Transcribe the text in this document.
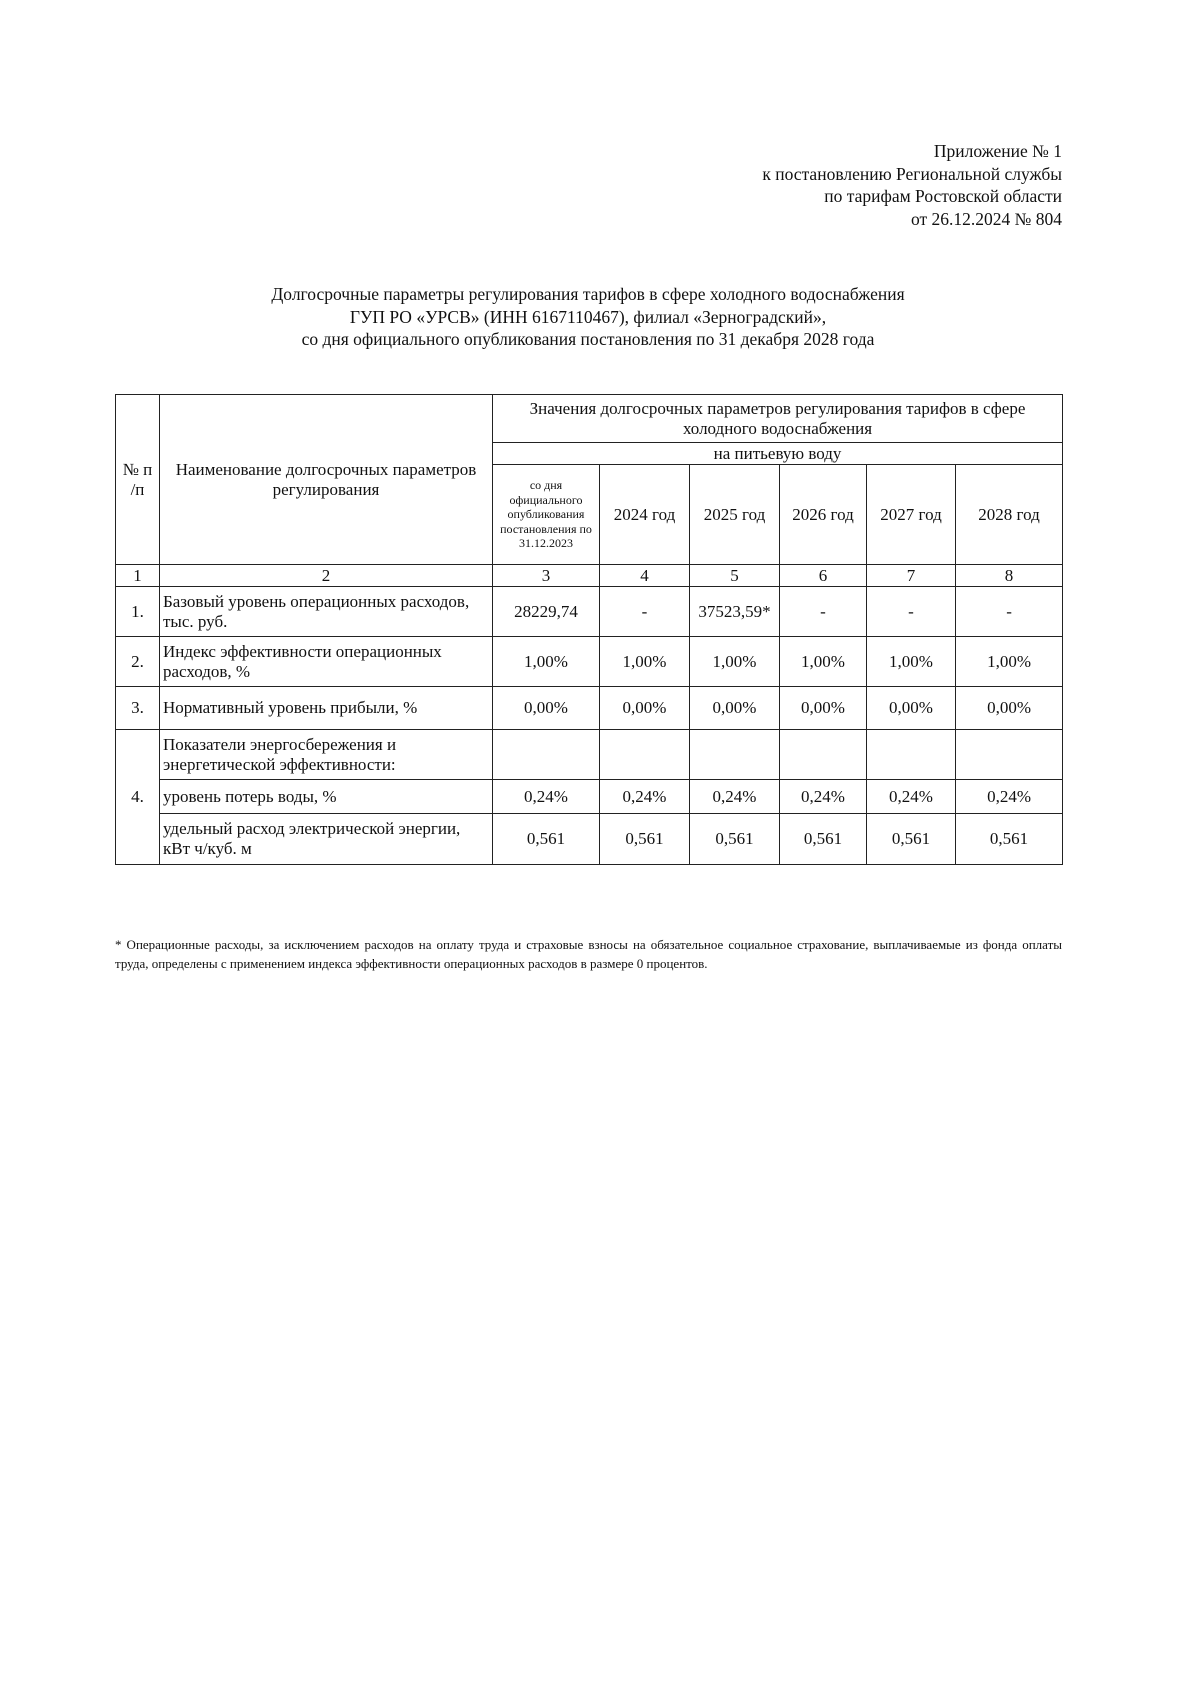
Приложение № 1
к постановлению Региональной службы
по тарифам Ростовской области
от 26.12.2024 № 804
Долгосрочные параметры регулирования тарифов в сфере холодного водоснабжения
ГУП РО «УРСВ» (ИНН 6167110467), филиал «Зерноградский»,
со дня официального опубликования постановления по 31 декабря 2028 года
№ п /п	Наименование долгосрочных параметров регулирования	Значения долгосрочных параметров регулирования тарифов в сфере холодного водоснабжения					
		на питьевую воду					
		со дня официального опубликования постановления по 31.12.2023	2024 год	2025 год	2026 год	2027 год	2028 год
1	2	3	4	5	6	7	8
1.	Базовый уровень операционных расходов, тыс. руб.	28229,74	-	37523,59*	-	-	-
2.	Индекс эффективности операционных расходов, %	1,00%	1,00%	1,00%	1,00%	1,00%	1,00%
3.	Нормативный уровень прибыли, %	0,00%	0,00%	0,00%	0,00%	0,00%	0,00%
4.	Показатели энергосбережения и энергетической эффективности:						
	уровень потерь воды, %	0,24%	0,24%	0,24%	0,24%	0,24%	0,24%
	удельный расход электрической энергии, кВт ч/куб. м	0,561	0,561	0,561	0,561	0,561	0,561
* Операционные расходы, за исключением расходов на оплату труда и страховые взносы на обязательное социальное страхование, выплачиваемые из фонда оплаты труда, определены с применением индекса эффективности операционных расходов в размере 0 процентов.
